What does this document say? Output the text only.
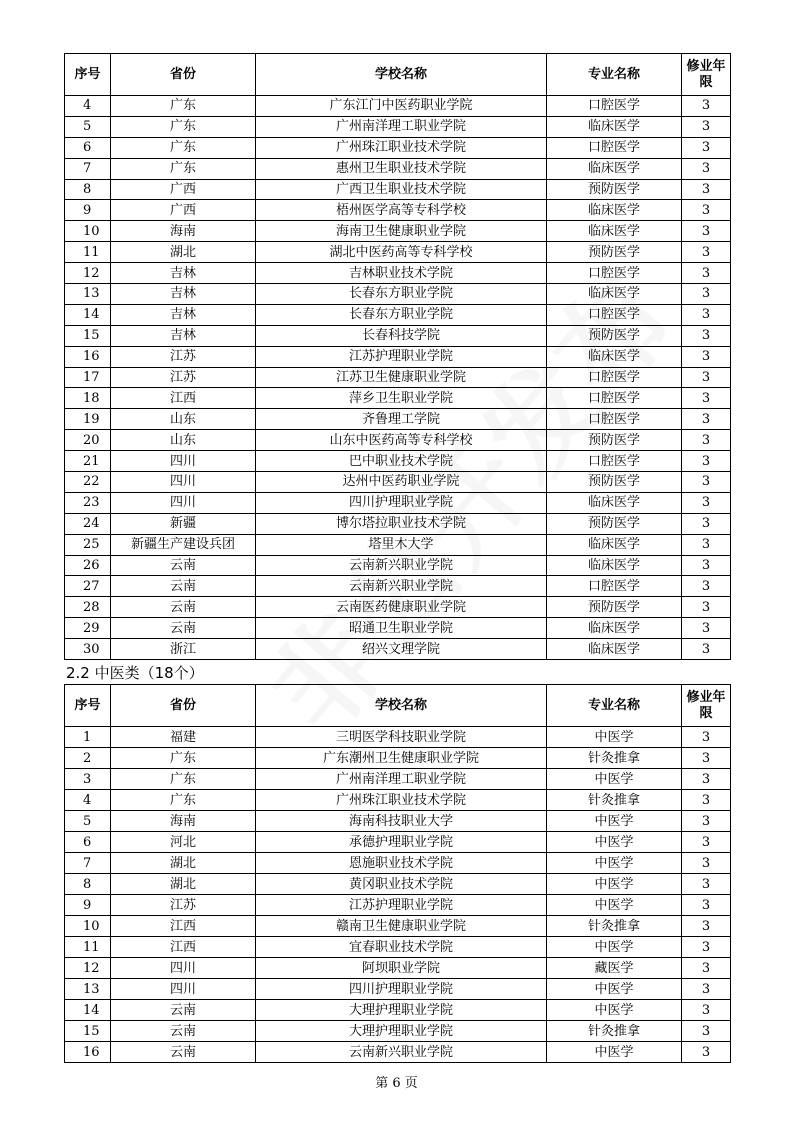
序号	省份	学校名称	专业名称	修业年限
4	广东	广东江门中医药职业学院	口腔医学	3
5	广东	广州南洋理工职业学院	临床医学	3
6	广东	广州珠江职业技术学院	口腔医学	3
7	广东	惠州卫生职业技术学院	临床医学	3
8	广西	广西卫生职业技术学院	预防医学	3
9	广西	梧州医学高等专科学校	临床医学	3
10	海南	海南卫生健康职业学院	临床医学	3
11	湖北	湖北中医药高等专科学校	预防医学	3
12	吉林	吉林职业技术学院	口腔医学	3
13	吉林	长春东方职业学院	临床医学	3
14	吉林	长春东方职业学院	口腔医学	3
15	吉林	长春科技学院	预防医学	3
16	江苏	江苏护理职业学院	临床医学	3
17	江苏	江苏卫生健康职业学院	口腔医学	3
18	江西	萍乡卫生职业学院	口腔医学	3
19	山东	齐鲁理工学院	口腔医学	3
20	山东	山东中医药高等专科学校	预防医学	3
21	四川	巴中职业技术学院	口腔医学	3
22	四川	达州中医药职业学院	预防医学	3
23	四川	四川护理职业学院	临床医学	3
24	新疆	博尔塔拉职业技术学院	预防医学	3
25	新疆生产建设兵团	塔里木大学	临床医学	3
26	云南	云南新兴职业学院	临床医学	3
27	云南	云南新兴职业学院	口腔医学	3
28	云南	云南医药健康职业学院	预防医学	3
29	云南	昭通卫生职业学院	临床医学	3
30	浙江	绍兴文理学院	临床医学	3
2.2 中医类（18个）
序号	省份	学校名称	专业名称	修业年限
1	福建	三明医学科技职业学院	中医学	3
2	广东	广东潮州卫生健康职业学院	针灸推拿	3
3	广东	广州南洋理工职业学院	中医学	3
4	广东	广州珠江职业技术学院	针灸推拿	3
5	海南	海南科技职业大学	中医学	3
6	河北	承德护理职业学院	中医学	3
7	湖北	恩施职业技术学院	中医学	3
8	湖北	黄冈职业技术学院	中医学	3
9	江苏	江苏护理职业学院	中医学	3
10	江西	赣南卫生健康职业学院	针灸推拿	3
11	江西	宜春职业技术学院	中医学	3
12	四川	阿坝职业学院	藏医学	3
13	四川	四川护理职业学院	中医学	3
14	云南	大理护理职业学院	中医学	3
15	云南	大理护理职业学院	针灸推拿	3
16	云南	云南新兴职业学院	中医学	3
第 6 页
